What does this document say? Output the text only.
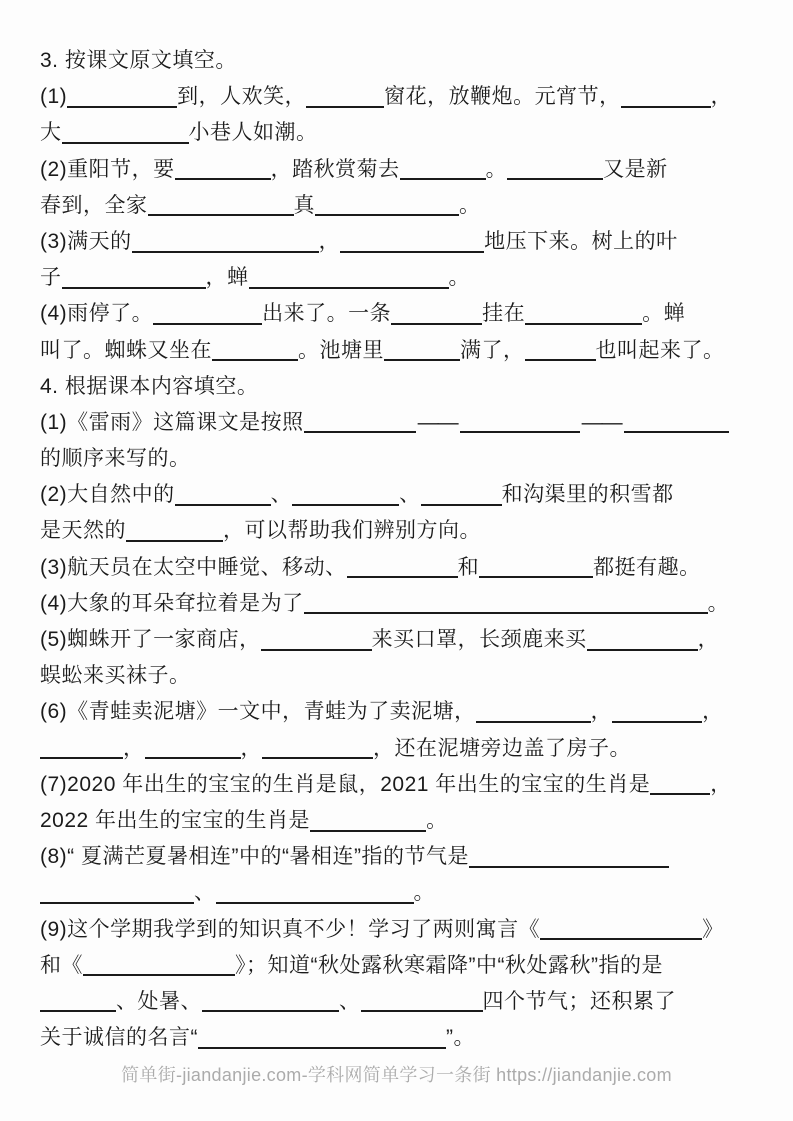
3. 按课文原文填空。
(1)	到，人欢笑，	窗花，放鞭炮。元宵节，	，
大	小巷人如潮。
(2)重阳节，要	，踏秋赏菊去	。	又是新
春到，全家	真	。
(3)满天的	，	地压下来。树上的叶
子	，蝉	。
(4)雨停了。	出来了。一条	挂在	。蝉
叫了。蜘蛛又坐在	。池塘里	满了，	也叫起来了。
4. 根据课本内容填空。
(1)《雷雨》这篇课文是按照	——	——
的顺序来写的。
(2)大自然中的	、	、	和沟渠里的积雪都
是天然的	，可以帮助我们辨别方向。
(3)航天员在太空中睡觉、移动、	和	都挺有趣。
(4)大象的耳朵耷拉着是为了	。
(5)蜘蛛开了一家商店，	来买口罩，长颈鹿来买	，
蜈蚣来买袜子。
(6)《青蛙卖泥塘》一文中，青蛙为了卖泥塘，	，	，
，	，	，还在泥塘旁边盖了房子。
(7)2020 年出生的宝宝的生肖是鼠，2021 年出生的宝宝的生肖是	，
2022 年出生的宝宝的生肖是	。
(8)“ 夏满芒夏暑相连”中的“暑相连”指的节气是
、	。
(9)这个学期我学到的知识真不少！学习了两则寓言《	》
和《	》；知道“秋处露秋寒霜降”中“秋处露秋”指的是
、处暑、	、	四个节气；还积累了
关于诚信的名言“	”。
简单街-jiandanjie.com-学科网简单学习一条街 https://jiandanjie.com
